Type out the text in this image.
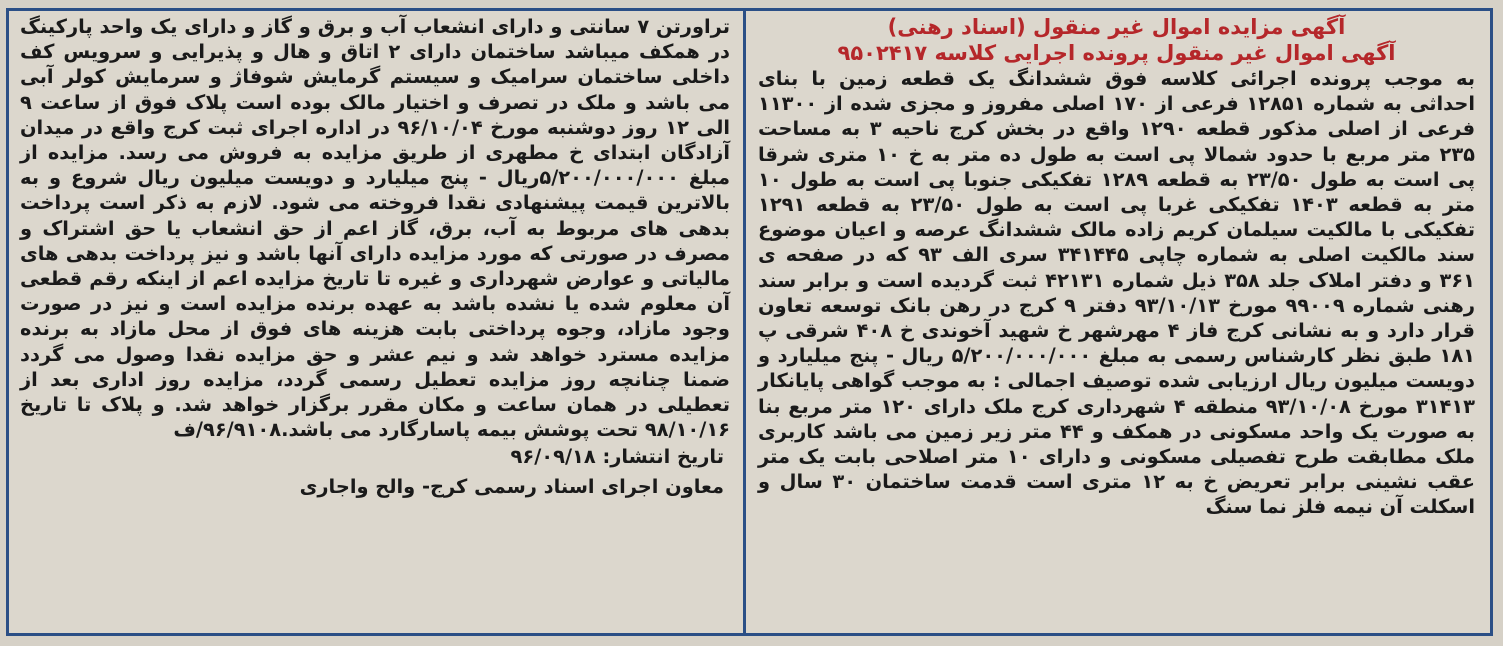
آگهی مزایده اموال غیر منقول (اسناد رهنی)
آگهی اموال غیر منقول پرونده اجرایی کلاسه ۹۵۰۲۴۱۷

به موجب پرونده اجرائی کلاسه فوق ششدانگ یک قطعه زمین با بنای احداثی به شماره ۱۲۸۵۱ فرعی از ۱۷۰ اصلی مفروز و مجزی شده از ۱۱۳۰۰ فرعی از اصلی مذکور قطعه ۱۲۹۰ واقع در بخش کرج ناحیه ۳ به مساحت ۲۳۵ متر مربع با حدود شمالا پی است به طول ده متر به خ ۱۰ متری شرقا پی است به طول ۲۳/۵۰ به قطعه ۱۲۸۹ تفکیکی جنوبا پی است به طول ۱۰ متر به قطعه ۱۴۰۳ تفکیکی غربا پی است به طول ۲۳/۵۰ به قطعه ۱۲۹۱ تفکیکی با مالکیت سیلمان کریم زاده مالک ششدانگ عرصه و اعیان موضوع سند مالکیت اصلی به شماره چاپی ۳۴۱۴۴۵ سری الف ۹۳ که در صفحه ی ۳۶۱ و دفتر املاک جلد ۳۵۸ ذیل شماره ۴۲۱۳۱ ثبت گردیده است و برابر سند رهنی شماره ۹۹۰۰۹ مورخ ۹۳/۱۰/۱۳ دفتر ۹ کرج در رهن بانک توسعه تعاون قرار دارد و به نشانی کرج فاز ۴ مهرشهر خ شهید آخوندی خ ۴۰۸ شرقی پ ۱۸۱ طبق نظر کارشناس رسمی به مبلغ ۵/۲۰۰/۰۰۰/۰۰۰ ریال - پنج میلیارد و دویست میلیون ریال ارزیابی شده توصیف اجمالی : به موجب گواهی پایانکار ۳۱۴۱۳ مورخ ۹۳/۱۰/۰۸ منطقه ۴ شهرداری کرج ملک دارای ۱۲۰ متر مربع بنا به صورت یک واحد مسکونی در همکف و ۴۴ متر زیر زمین می باشد کاربری ملک مطابقت طرح تفصیلی مسکونی و دارای ۱۰ متر اصلاحی بابت یک متر عقب نشینی برابر تعریض خ به ۱۲ متری است قدمت ساختمان ۳۰ سال و اسکلت آن نیمه فلز نما سنگ

تراورتن ۷ سانتی و دارای انشعاب آب و برق و گاز و دارای یک واحد پارکینگ در همکف میباشد ساختمان دارای ۲ اتاق و هال و پذیرایی و سرویس کف داخلی ساختمان سرامیک و سیستم گرمایش شوفاژ و سرمایش کولر آبی می باشد و ملک در تصرف و اختیار مالک بوده است پلاک فوق از ساعت ۹ الی ۱۲ روز دوشنبه مورخ ۹۶/۱۰/۰۴ در اداره اجرای ثبت کرج واقع در میدان آزادگان ابتدای خ مطهری از طریق مزایده به فروش می رسد. مزایده از مبلغ ۵/۲۰۰/۰۰۰/۰۰۰ریال - پنج میلیارد و دویست میلیون ریال شروع و به بالاترین قیمت پیشنهادی نقدا فروخته می شود. لازم به ذکر است پرداخت بدهی های مربوط به آب، برق، گاز اعم از حق انشعاب یا حق اشتراک و مصرف در صورتی که مورد مزایده دارای آنها باشد و نیز پرداخت بدهی های مالیاتی و عوارض شهرداری و غیره تا تاریخ مزایده اعم از اینکه رقم قطعی آن معلوم شده یا نشده باشد به عهده برنده مزایده است و نیز در صورت وجود مازاد، وجوه پرداختی بابت هزینه های فوق از محل مازاد به برنده مزایده مسترد خواهد شد و نیم عشر و حق مزایده نقدا وصول می گردد ضمنا چنانچه روز مزایده تعطیل رسمی گردد، مزایده روز اداری بعد از تعطیلی در همان ساعت و مکان مقرر برگزار خواهد شد. و پلاک تا تاریخ ۹۸/۱۰/۱۶ تحت پوشش بیمه پاسارگارد می باشد.۹۶/۹۱۰۸/ف

تاریخ انتشار: ۹۶/۰۹/۱۸
معاون اجرای اسناد رسمی کرج- والح واجاری
